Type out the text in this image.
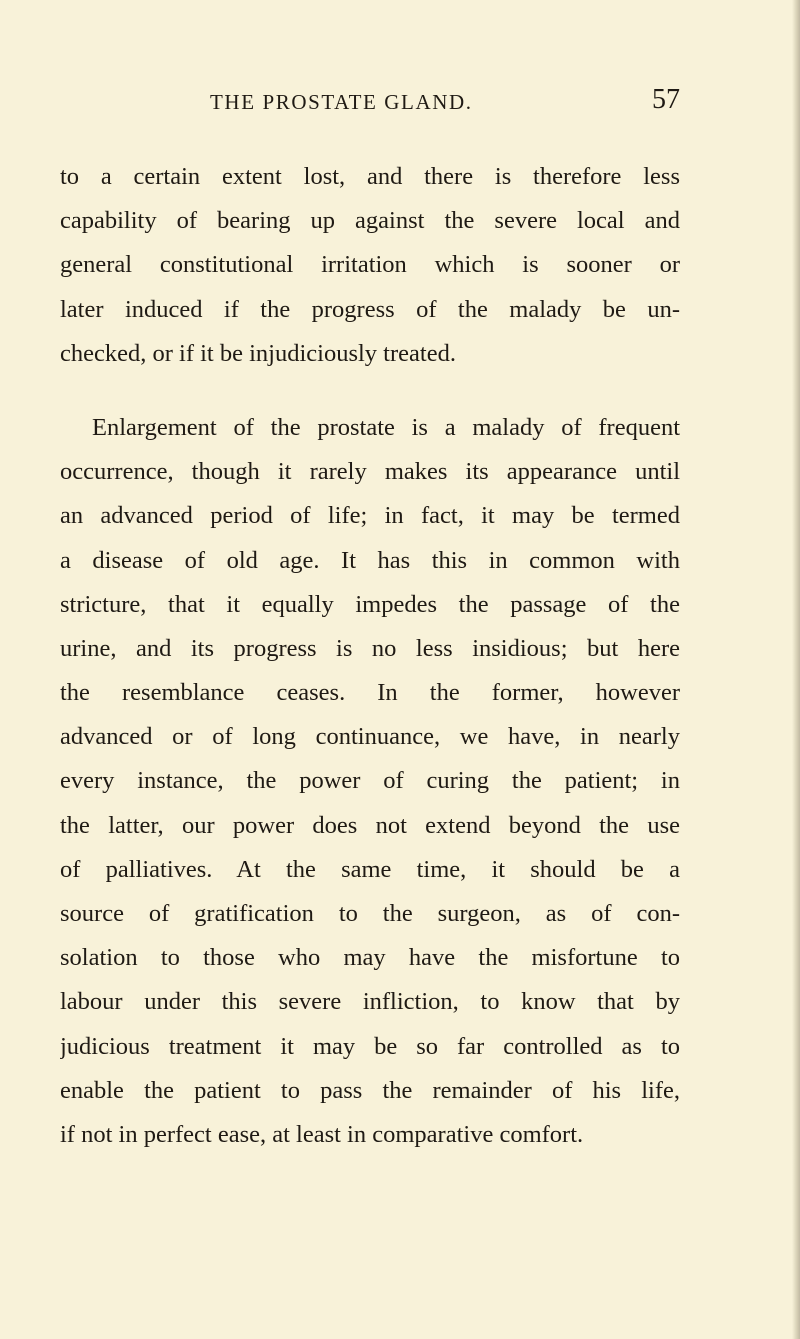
THE PROSTATE GLAND.	57
to a certain extent lost, and there is therefore less
capability of bearing up against the severe local and
general constitutional irritation which is sooner or
later induced if the progress of the malady be un-
checked, or if it be injudiciously treated.
Enlargement of the prostate is a malady of frequent
occurrence, though it rarely makes its appearance until
an advanced period of life; in fact, it may be termed
a disease of old age. It has this in common with
stricture, that it equally impedes the passage of the
urine, and its progress is no less insidious; but here
the resemblance ceases. In the former, however
advanced or of long continuance, we have, in nearly
every instance, the power of curing the patient; in
the latter, our power does not extend beyond the use
of palliatives. At the same time, it should be a
source of gratification to the surgeon, as of con-
solation to those who may have the misfortune to
labour under this severe infliction, to know that by
judicious treatment it may be so far controlled as to
enable the patient to pass the remainder of his life,
if not in perfect ease, at least in comparative comfort.
